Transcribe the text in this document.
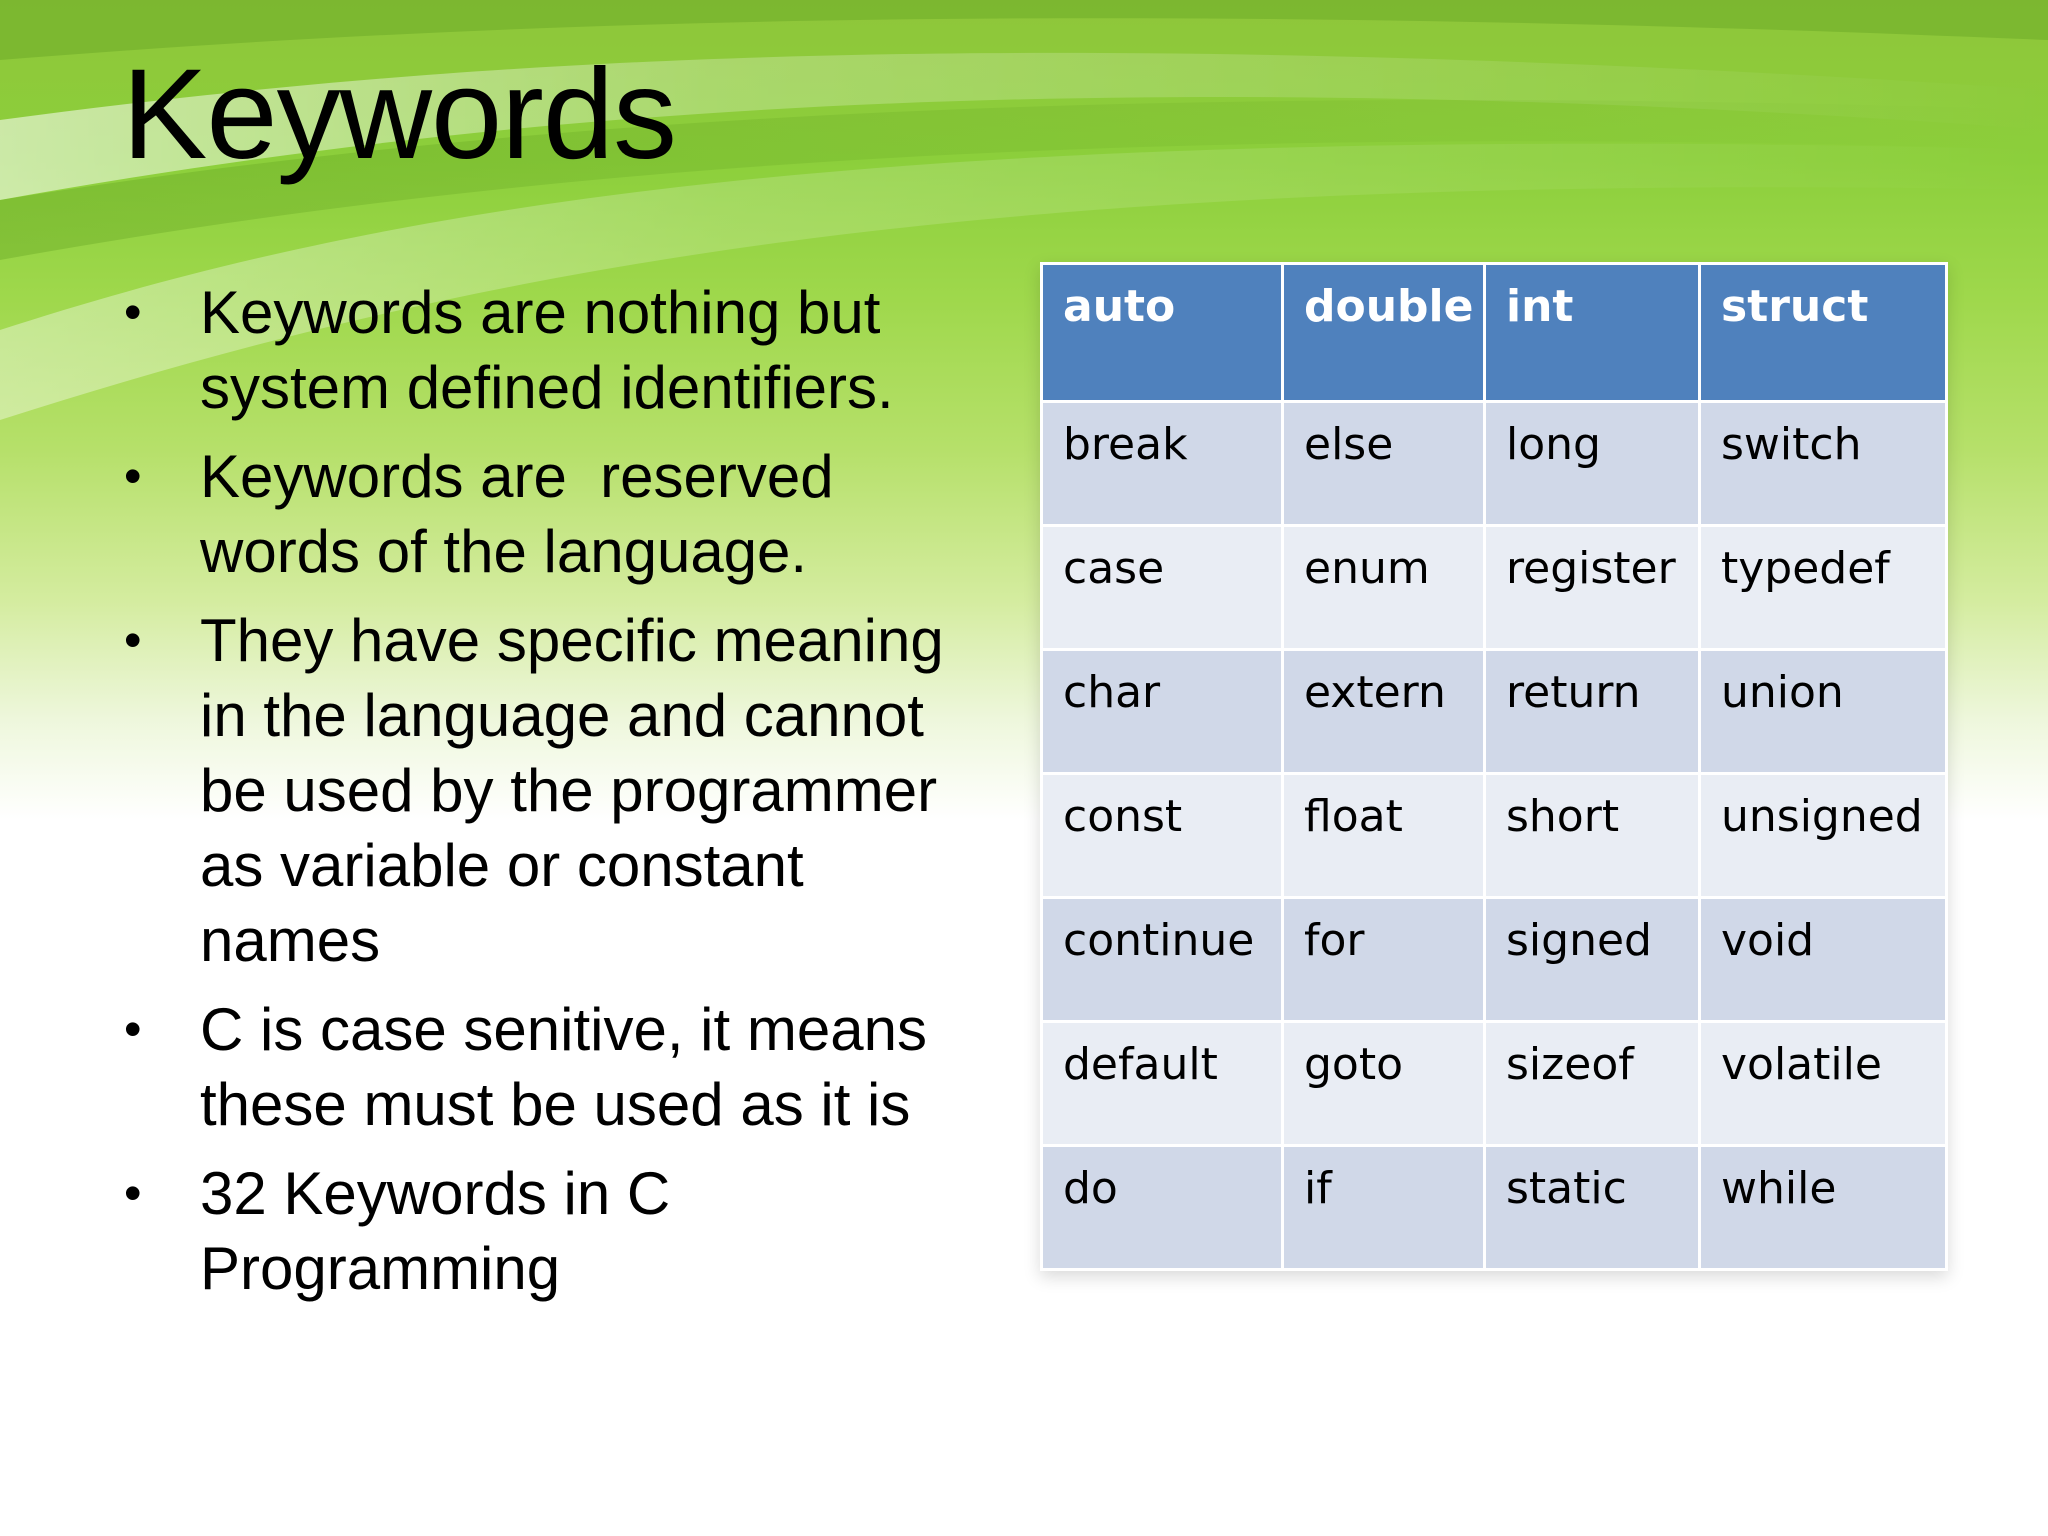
Keywords
• Keywords are nothing but system defined identifiers.
• Keywords are  reserved words of the language.
• They have specific meaning in the language and cannot be used by the programmer as variable or constant names
• C is case senitive, it means these must be used as it is
• 32 Keywords in C Programming
auto	double	int	struct
break	else	long	switch
case	enum	register	typedef
char	extern	return	union
const	float	short	unsigned
continue	for	signed	void
default	goto	sizeof	volatile
do	if	static	while
